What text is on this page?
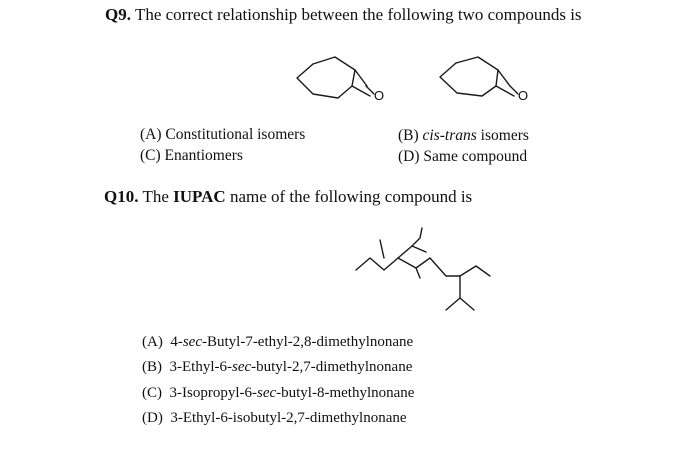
Q9. The correct relationship between the following two compounds is
O	O
(A) Constitutional isomers	(B) cis-trans isomers
(C) Enantiomers	(D) Same compound
Q10. The IUPAC name of the following compound is
(A) 4-sec-Butyl-7-ethyl-2,8-dimethylnonane
(B) 3-Ethyl-6-sec-butyl-2,7-dimethylnonane
(C) 3-Isopropyl-6-sec-butyl-8-methylnonane
(D) 3-Ethyl-6-isobutyl-2,7-dimethylnonane
